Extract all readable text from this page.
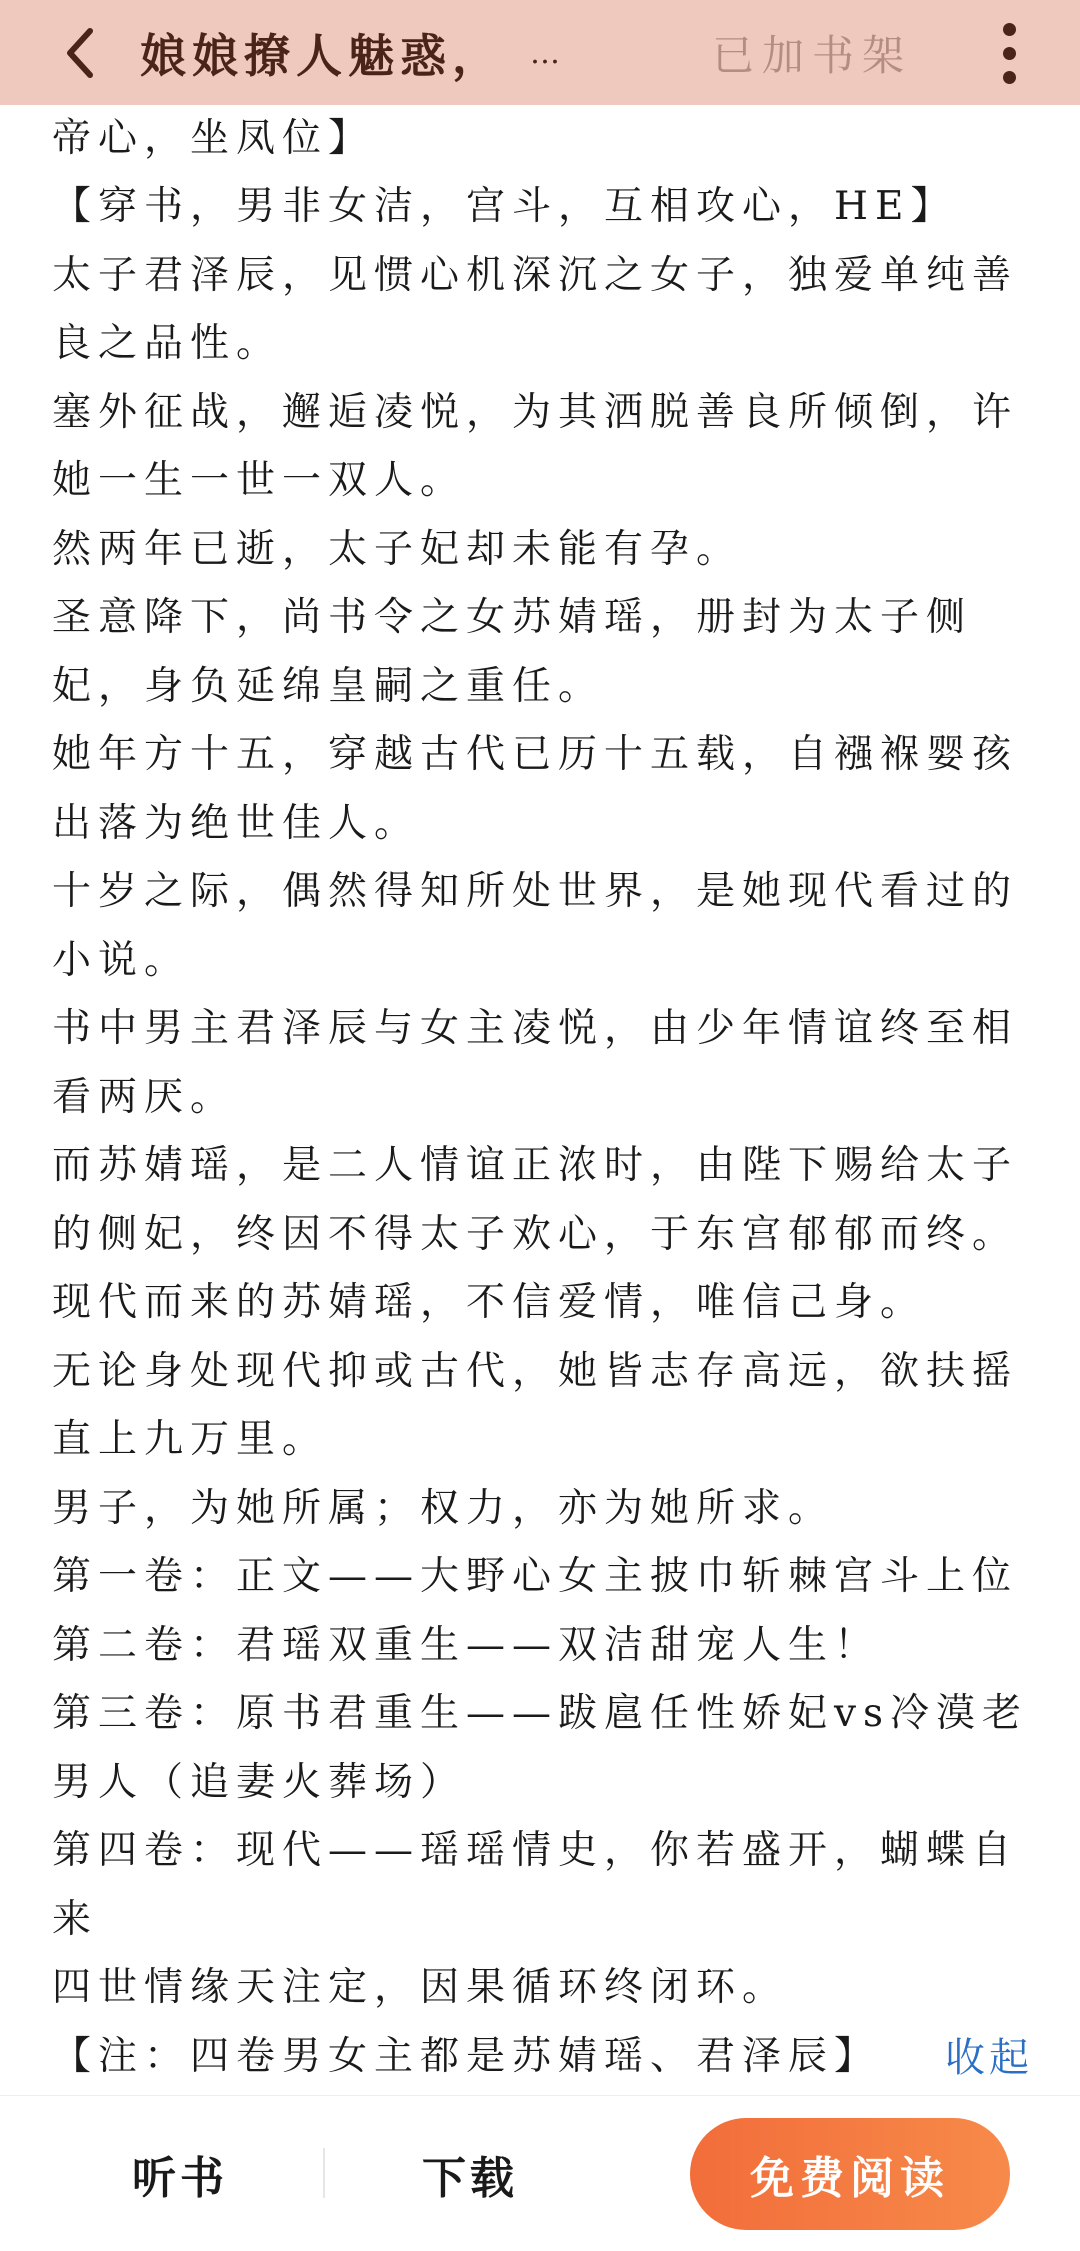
娘娘撩人魅惑， …	已加书架
帝心，坐凤位】
【穿书，男非女洁，宫斗，互相攻心，HE】
太子君泽辰，见惯心机深沉之女子，独爱单纯善
良之品性。
塞外征战，邂逅凌悦，为其洒脱善良所倾倒，许
她一生一世一双人。
然两年已逝，太子妃却未能有孕。
圣意降下，尚书令之女苏婧瑶，册封为太子侧
妃，身负延绵皇嗣之重任。
她年方十五，穿越古代已历十五载，自襁褓婴孩
出落为绝世佳人。
十岁之际，偶然得知所处世界，是她现代看过的
小说。
书中男主君泽辰与女主凌悦，由少年情谊终至相
看两厌。
而苏婧瑶，是二人情谊正浓时，由陛下赐给太子
的侧妃，终因不得太子欢心，于东宫郁郁而终。
现代而来的苏婧瑶，不信爱情，唯信己身。
无论身处现代抑或古代，她皆志存高远，欲扶摇
直上九万里。
男子，为她所属；权力，亦为她所求。
第一卷：正文——大野心女主披巾斩棘宫斗上位
第二卷：君瑶双重生——双洁甜宠人生！
第三卷：原书君重生——跋扈任性娇妃vs冷漠老
男人（追妻火葬场）
第四卷：现代——瑶瑶情史，你若盛开，蝴蝶自
来
四世情缘天注定，因果循环终闭环。
【注：四卷男女主都是苏婧瑶、君泽辰】	收起
听书	下载	免费阅读
